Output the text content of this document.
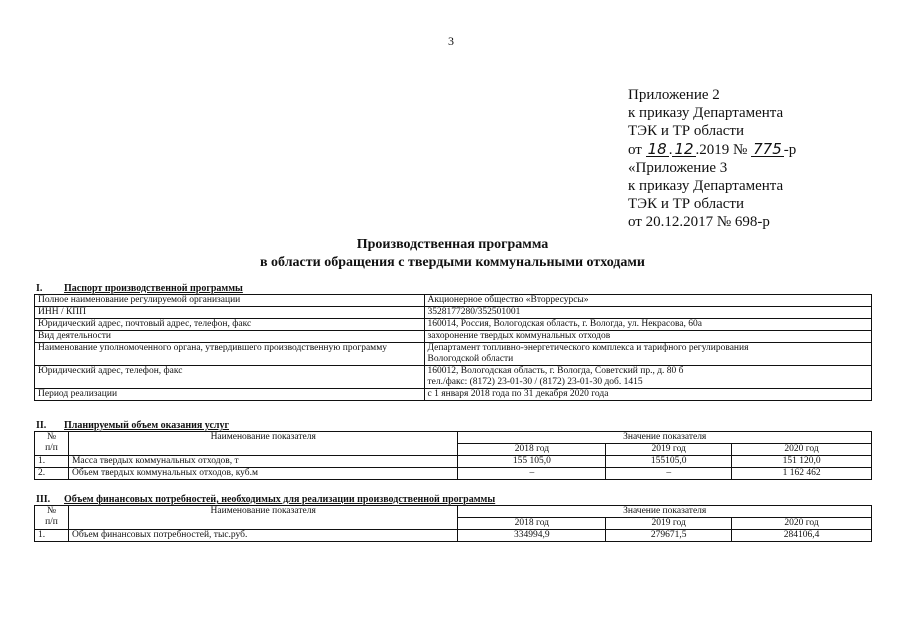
3
Приложение 2
к приказу Департамента
ТЭК и ТР области
от 18 . 12 .2019 № 775 -р
«Приложение 3
к приказу Департамента
ТЭК и ТР области
от 20.12.2017 № 698-р
Производственная программа
в области обращения с твердыми коммунальными отходами
I. Паспорт производственной программы
Полное наименование регулируемой организации	Акционерное общество «Вторресурсы»
ИНН / КПП	3528177280/352501001
Юридический адрес, почтовый адрес, телефон, факс	160014, Россия, Вологодская область, г. Вологда, ул. Некрасова, 60а
Вид деятельности	захоронение твердых коммунальных отходов
Наименование уполномоченного органа, утвердившего производственную программу	Департамент топливно-энергетического комплекса и тарифного регулирования
Вологодской области

Юридический адрес, телефон, факс	160012, Вологодская область, г. Вологда, Советский пр., д. 80 б
тел./факс: (8172) 23-01-30 / (8172) 23-01-30 доб. 1415

Период реализации	с 1 января 2018 года по 31 декабря 2020 года
II. Планируемый объем оказания услуг
№
п/п	Наименование показателя	Значение показателя		
		2018 год	2019 год	2020 год
1.	Масса твердых коммунальных отходов, т	155 105,0	155105,0	151 120,0
2.	Объем твердых коммунальных отходов, куб.м	–	–	1 162 462
III. Объем финансовых потребностей, необходимых для реализации производственной программы
№
п/п	Наименование показателя	Значение показателя		
		2018 год	2019 год	2020 год
1.	Объем финансовых потребностей, тыс.руб.	334994,9	279671,5	284106,4
